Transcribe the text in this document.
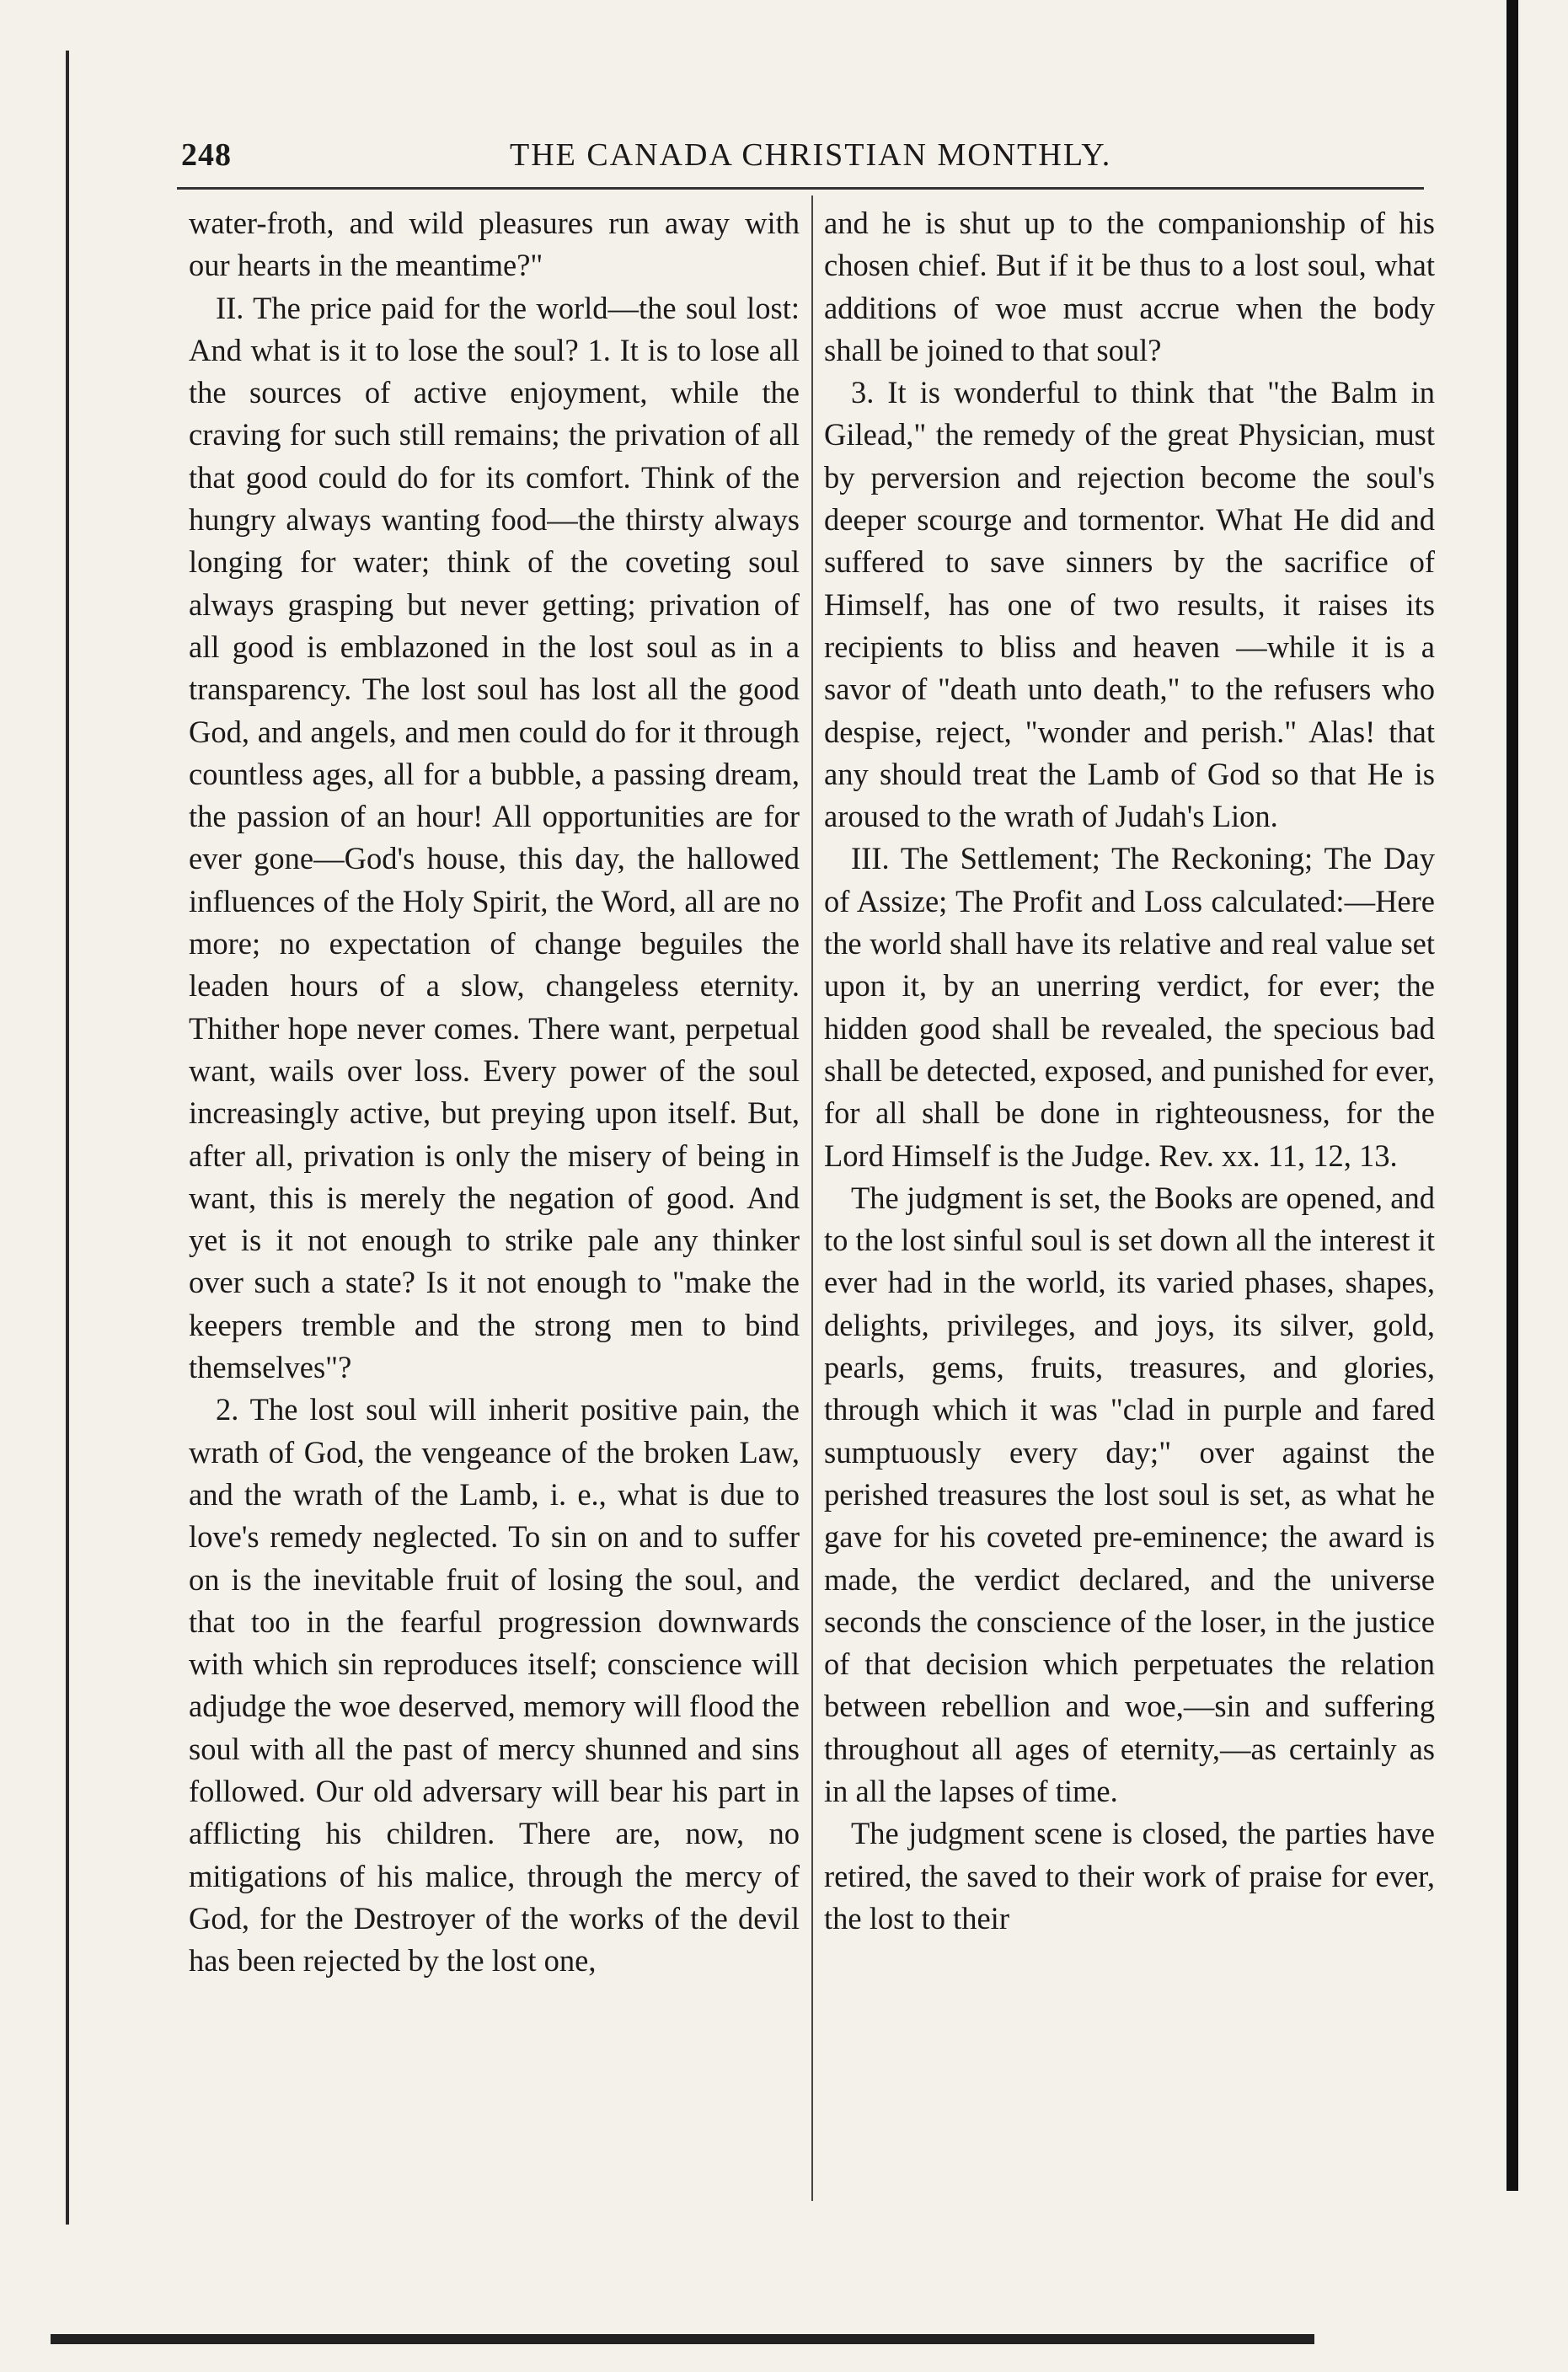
248	THE CANADA CHRISTIAN MONTHLY.

water-froth, and wild pleasures run away with our hearts in the meantime?"

II. The price paid for the world—the soul lost: And what is it to lose the soul? 1. It is to lose all the sources of active enjoyment, while the craving for such still remains; the privation of all that good could do for its comfort. Think of the hungry always wanting food—the thirsty always longing for water; think of the coveting soul always grasping but never getting; privation of all good is emblazoned in the lost soul as in a transparency. The lost soul has lost all the good God, and angels, and men could do for it through countless ages, all for a bubble, a passing dream, the passion of an hour! All opportunities are for ever gone—God's house, this day, the hallowed influences of the Holy Spirit, the Word, all are no more; no expectation of change beguiles the leaden hours of a slow, changeless eternity. Thither hope never comes. There want, perpetual want, wails over loss. Every power of the soul increasingly active, but preying upon itself. But, after all, privation is only the misery of being in want, this is merely the negation of good. And yet is it not enough to strike pale any thinker over such a state? Is it not enough to "make the keepers tremble and the strong men to bind themselves"?

2. The lost soul will inherit positive pain, the wrath of God, the vengeance of the broken Law, and the wrath of the Lamb, i. e., what is due to love's remedy neglected. To sin on and to suffer on is the inevitable fruit of losing the soul, and that too in the fearful progression downwards with which sin reproduces itself; conscience will adjudge the woe deserved, memory will flood the soul with all the past of mercy shunned and sins followed. Our old adversary will bear his part in afflicting his children. There are, now, no mitigations of his malice, through the mercy of God, for the Destroyer of the works of the devil has been rejected by the lost one,

and he is shut up to the companionship of his chosen chief. But if it be thus to a lost soul, what additions of woe must accrue when the body shall be joined to that soul?

3. It is wonderful to think that "the Balm in Gilead," the remedy of the great Physician, must by perversion and rejection become the soul's deeper scourge and tormentor. What He did and suffered to save sinners by the sacrifice of Himself, has one of two results, it raises its recipients to bliss and heaven —while it is a savor of "death unto death," to the refusers who despise, reject, "wonder and perish." Alas! that any should treat the Lamb of God so that He is aroused to the wrath of Judah's Lion.

III. The Settlement; The Reckoning; The Day of Assize; The Profit and Loss calculated:—Here the world shall have its relative and real value set upon it, by an unerring verdict, for ever; the hidden good shall be revealed, the specious bad shall be detected, exposed, and punished for ever, for all shall be done in righteousness, for the Lord Himself is the Judge. Rev. xx. 11, 12, 13.

The judgment is set, the Books are opened, and to the lost sinful soul is set down all the interest it ever had in the world, its varied phases, shapes, delights, privileges, and joys, its silver, gold, pearls, gems, fruits, treasures, and glories, through which it was "clad in purple and fared sumptuously every day;" over against the perished treasures the lost soul is set, as what he gave for his coveted pre-eminence; the award is made, the verdict declared, and the universe seconds the conscience of the loser, in the justice of that decision which perpetuates the relation between rebellion and woe,—sin and suffering throughout all ages of eternity,—as certainly as in all the lapses of time.

The judgment scene is closed, the parties have retired, the saved to their work of praise for ever, the lost to their
